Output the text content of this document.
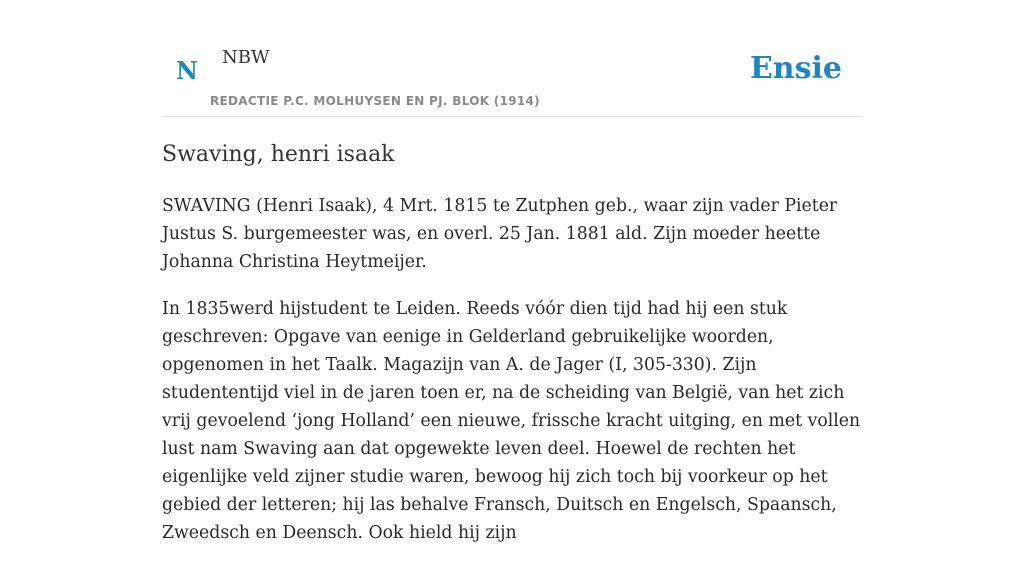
N NBW
REDACTIE P.C. MOLHUYSEN EN PJ. BLOK (1914)
Ensie
Swaving, henri isaak

SWAVING (Henri Isaak), 4 Mrt. 1815 te Zutphen geb., waar zijn vader Pieter Justus S. burgemeester was, en overl. 25 Jan. 1881 ald. Zijn moeder heette Johanna Christina Heytmeijer.

In 1835werd hijstudent te Leiden. Reeds vóór dien tijd had hij een stuk geschreven: Opgave van eenige in Gelderland gebruikelijke woorden, opgenomen in het Taalk. Magazijn van A. de Jager (I, 305-330). Zijn studententijd viel in de jaren toen er, na de scheiding van België, van het zich vrij gevoelend ‘jong Holland’ een nieuwe, frissche kracht uitging, en met vollen lust nam Swaving aan dat opgewekte leven deel. Hoewel de rechten het eigenlijke veld zijner studie waren, bewoog hij zich toch bij voorkeur op het gebied der letteren; hij las behalve Fransch, Duitsch en Engelsch, Spaansch, Zweedsch en Deensch. Ook hield hij zijn
